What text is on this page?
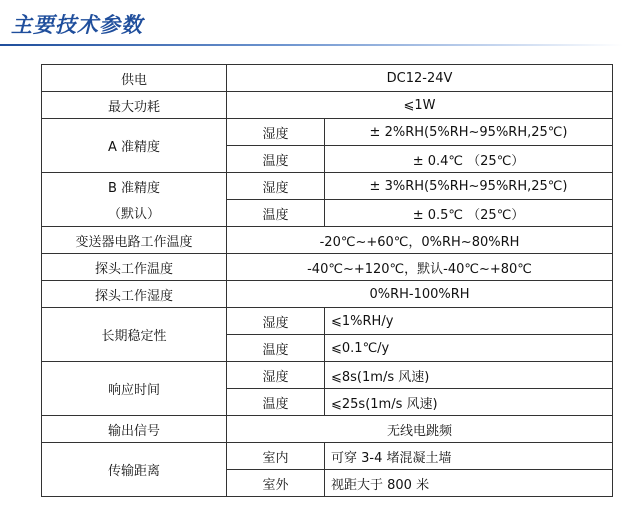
主要技术参数
供电	DC12-24V	
最大功耗	⩽1W	
A 准精度	湿度	± 2%RH(5%RH~95%RH,25℃)
	温度	± 0.4℃ （25℃）
B 准精度	湿度	± 3%RH(5%RH~95%RH,25℃)
（默认）	温度	± 0.5℃ （25℃）
变送器电路工作温度	-20℃~+60℃，0%RH~80%RH	
探头工作温度	-40℃~+120℃，默认-40℃~+80℃	
探头工作湿度	0%RH-100%RH	
长期稳定性	湿度	⩽1%RH/y
	温度	⩽0.1℃/y
响应时间	湿度	⩽8s(1m/s 风速)
	温度	⩽25s(1m/s 风速)
输出信号	无线电跳频	
传输距离	室内	可穿 3-4 堵混凝土墙
	室外	视距大于 800 米
